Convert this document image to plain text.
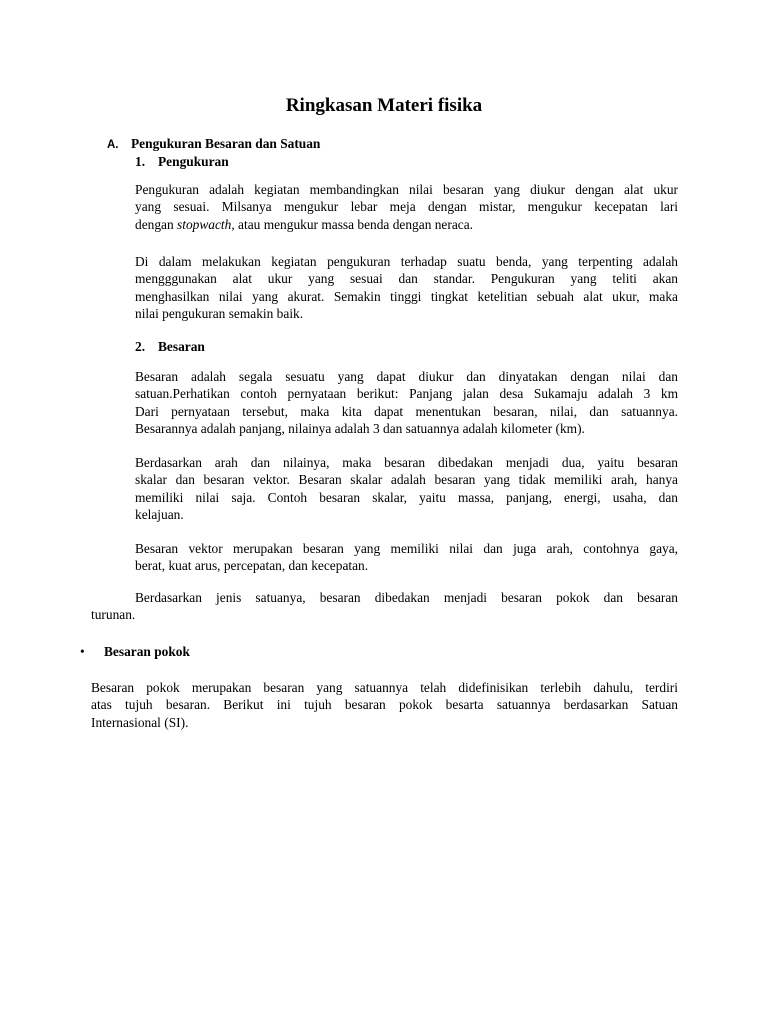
Ringkasan Materi fisika
A. Pengukuran Besaran dan Satuan
1. Pengukuran
Pengukuran adalah kegiatan membandingkan nilai besaran yang diukur dengan alat ukur
yang sesuai. Milsanya mengukur lebar meja dengan mistar, mengukur kecepatan lari
dengan stopwacth, atau mengukur massa benda dengan neraca.
Di dalam melakukan kegiatan pengukuran terhadap suatu benda, yang terpenting adalah
mengggunakan alat ukur yang sesuai dan standar. Pengukuran yang teliti akan
menghasilkan nilai yang akurat. Semakin tinggi tingkat ketelitian sebuah alat ukur, maka
nilai pengukuran semakin baik.
2. Besaran
Besaran adalah segala sesuatu yang dapat diukur dan dinyatakan dengan nilai dan
satuan.Perhatikan contoh pernyataan berikut: Panjang jalan desa Sukamaju adalah 3 km
Dari pernyataan tersebut, maka kita dapat menentukan besaran, nilai, dan satuannya.
Besarannya adalah panjang, nilainya adalah 3 dan satuannya adalah kilometer (km).
Berdasarkan arah dan nilainya, maka besaran dibedakan menjadi dua, yaitu besaran
skalar dan besaran vektor. Besaran skalar adalah besaran yang tidak memiliki arah, hanya
memiliki nilai saja. Contoh besaran skalar, yaitu massa, panjang, energi, usaha, dan
kelajuan.
Besaran vektor merupakan besaran yang memiliki nilai dan juga arah, contohnya gaya,
berat, kuat arus, percepatan, dan kecepatan.
Berdasarkan jenis satuanya, besaran dibedakan menjadi besaran pokok dan besaran
turunan.
• Besaran pokok
Besaran pokok merupakan besaran yang satuannya telah didefinisikan terlebih dahulu, terdiri
atas tujuh besaran. Berikut ini tujuh besaran pokok besarta satuannya berdasarkan Satuan
Internasional (SI).
